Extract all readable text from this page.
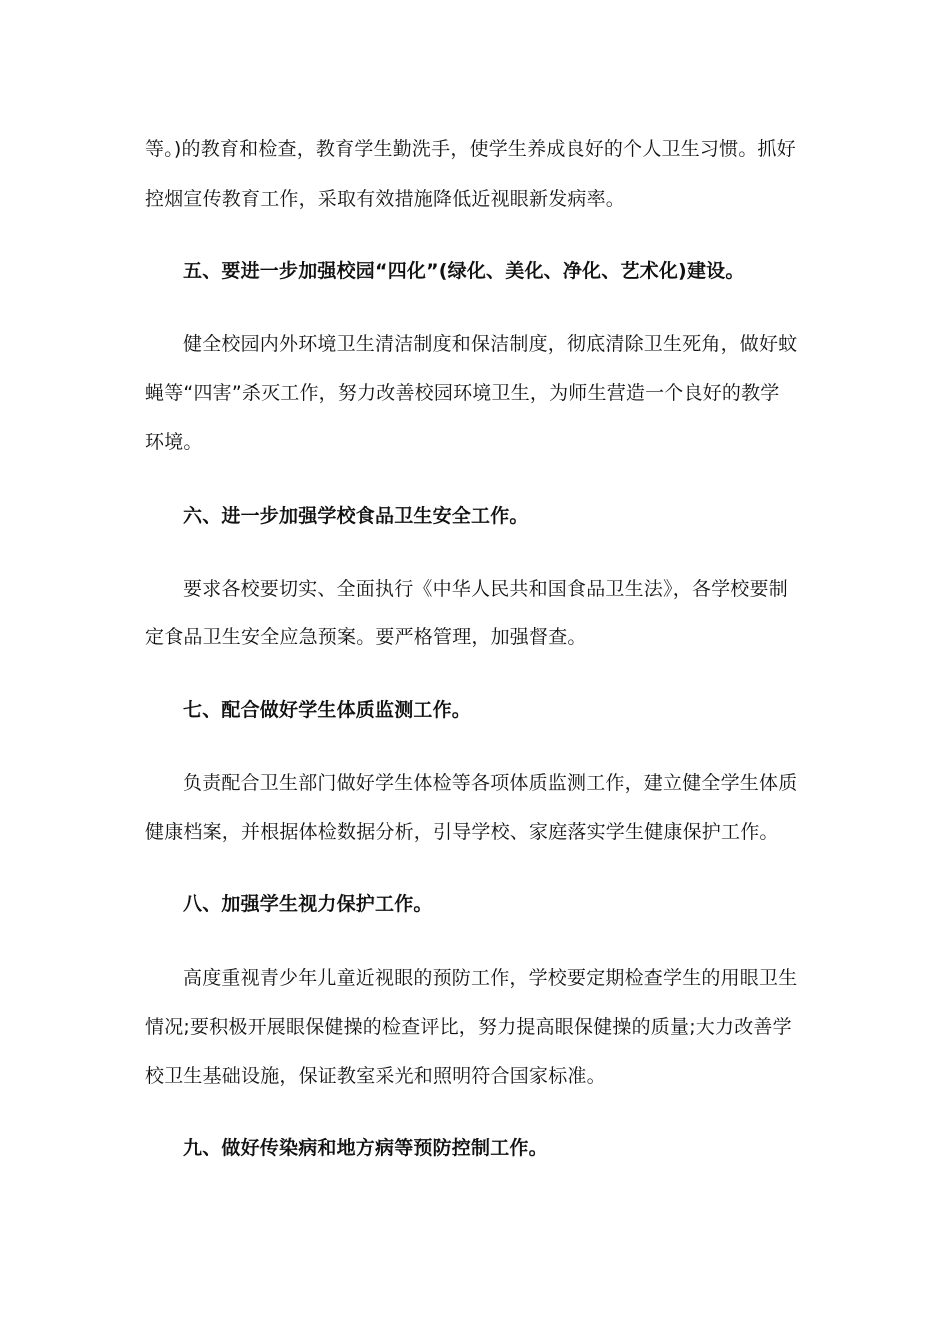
等。)的教育和检查，教育学生勤洗手，使学生养成良好的个人卫生习惯。抓好
控烟宣传教育工作，采取有效措施降低近视眼新发病率。
五、要进一步加强校园“四化”(绿化、美化、净化、艺术化)建设。
健全校园内外环境卫生清洁制度和保洁制度，彻底清除卫生死角，做好蚊
蝇等“四害”杀灭工作，努力改善校园环境卫生，为师生营造一个良好的教学
环境。
六、进一步加强学校食品卫生安全工作。
要求各校要切实、全面执行《中华人民共和国食品卫生法》，各学校要制
定食品卫生安全应急预案。要严格管理，加强督查。
七、配合做好学生体质监测工作。
负责配合卫生部门做好学生体检等各项体质监测工作，建立健全学生体质
健康档案，并根据体检数据分析，引导学校、家庭落实学生健康保护工作。
八、加强学生视力保护工作。
高度重视青少年儿童近视眼的预防工作，学校要定期检查学生的用眼卫生
情况;要积极开展眼保健操的检查评比，努力提高眼保健操的质量;大力改善学
校卫生基础设施，保证教室采光和照明符合国家标准。
九、做好传染病和地方病等预防控制工作。
